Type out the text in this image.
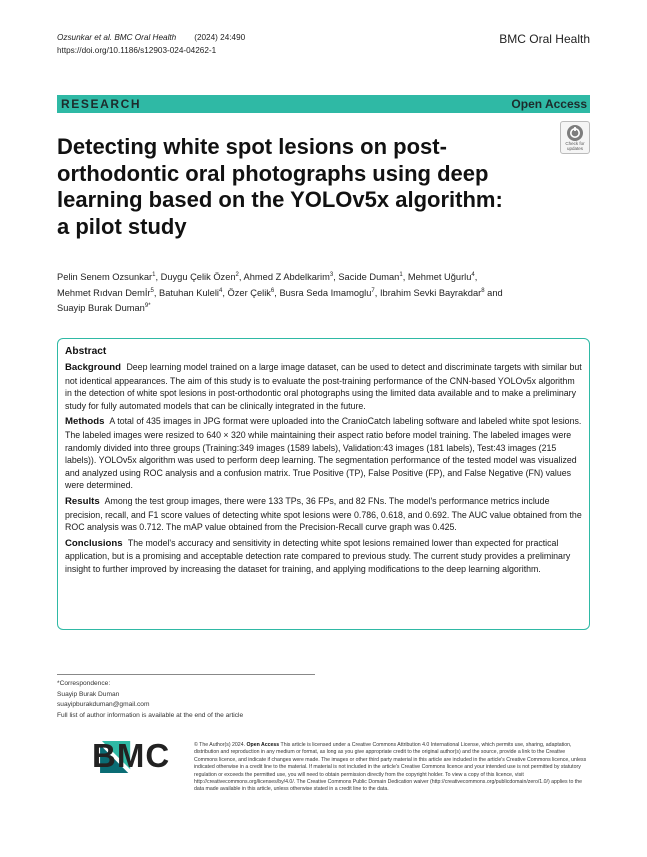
Ozsunkar et al. BMC Oral Health (2024) 24:490
https://doi.org/10.1186/s12903-024-04262-1
BMC Oral Health
RESEARCH	Open Access
Detecting white spot lesions on post-orthodontic oral photographs using deep learning based on the YOLOv5x algorithm: a pilot study
Check for
updates
Pelin Senem Ozsunkar$^1$, Duygu Çelik Özen$^2$, Ahmed Z Abdelkarim$^3$, Sacide Duman$^1$, Mehmet Uğurlu$^4$,
Mehmet Rıdvan Demİr$^5$, Batuhan Kuleli$^4$, Özer Çelik$^6$, Busra Seda Imamoglu$^7$, Ibrahim Sevki Bayrakdar$^8$ and
Suayip Burak Duman$^{9*}$
Abstract

Background Deep learning model trained on a large image dataset, can be used to detect and discriminate targets with similar but not identical appearances. The aim of this study is to evaluate the post-training performance of the CNN-based YOLOv5x algorithm in the detection of white spot lesions in post-orthodontic oral photographs using the limited data available and to make a preliminary study for fully automated models that can be clinically integrated in the future.

Methods A total of 435 images in JPG format were uploaded into the CranioCatch labeling software and labeled white spot lesions. The labeled images were resized to 640 × 320 while maintaining their aspect ratio before model training. The labeled images were randomly divided into three groups (Training:349 images (1589 labels), Validation:43 images (181 labels), Test:43 images (215 labels)). YOLOv5x algorithm was used to perform deep learning. The segmentation performance of the tested model was visualized and analyzed using ROC analysis and a confusion matrix. True Positive (TP), False Positive (FP), and False Negative (FN) values were determined.

Results Among the test group images, there were 133 TPs, 36 FPs, and 82 FNs. The model's performance metrics include precision, recall, and F1 score values of detecting white spot lesions were 0.786, 0.618, and 0.692. The AUC value obtained from the ROC analysis was 0.712. The mAP value obtained from the Precision-Recall curve graph was 0.425.

Conclusions The model's accuracy and sensitivity in detecting white spot lesions remained lower than expected for practical application, but is a promising and acceptable detection rate compared to previous study. The current study provides a preliminary insight to further improved by increasing the dataset for training, and applying modifications to the deep learning algorithm.

*Correspondence:
Suayip Burak Duman
suayipburakduman@gmail.com
Full list of author information is available at the end of the article
BMC	© The Author(s) 2024. Open Access This article is licensed under a Creative Commons Attribution 4.0 International License, which permits use, sharing, adaptation, distribution and reproduction in any medium or format, as long as you give appropriate credit to the original author(s) and the source, provide a link to the Creative Commons licence, and indicate if changes were made. The images or other third party material in this article are included in the article's Creative Commons licence, unless indicated otherwise in a credit line to the material. If material is not included in the article's Creative Commons licence and your intended use is not permitted by statutory regulation or exceeds the permitted use, you will need to obtain permission directly from the copyright holder. To view a copy of this licence, visit http://creativecommons.org/licenses/by/4.0/. The Creative Commons Public Domain Dedication waiver (http://creativecommons.org/publicdomain/zero/1.0/) applies to the data made available in this article, unless otherwise stated in a credit line to the data.
